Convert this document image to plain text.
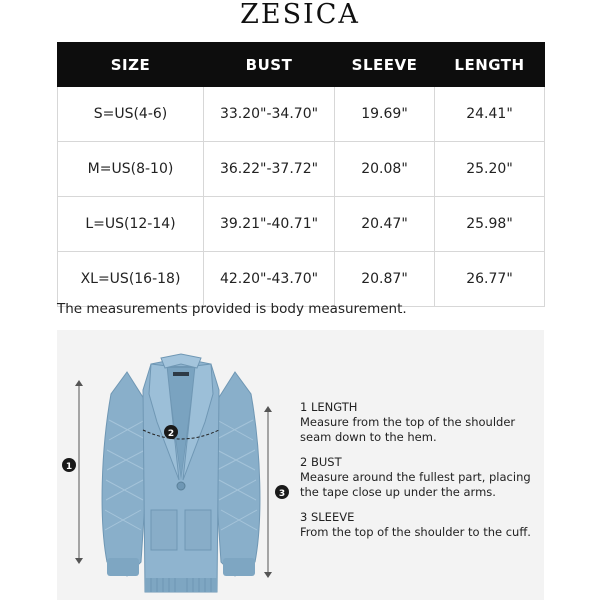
ZESICA
SIZE	BUST	SLEEVE	LENGTH
S=US(4-6)	33.20"-34.70"	19.69"	24.41"
M=US(8-10)	36.22"-37.72"	20.08"	25.20"
L=US(12-14)	39.21"-40.71"	20.47"	25.98"
XL=US(16-18)	42.20"-43.70"	20.87"	26.77"
The measurements provided is body measurement.
1
2
3
1 LENGTH
Measure from the top of the shoulder
seam down to the hem.
2 BUST
Measure around the fullest part, placing
the tape close up under the arms.
3 SLEEVE
From the top of the shoulder to the cuff.
